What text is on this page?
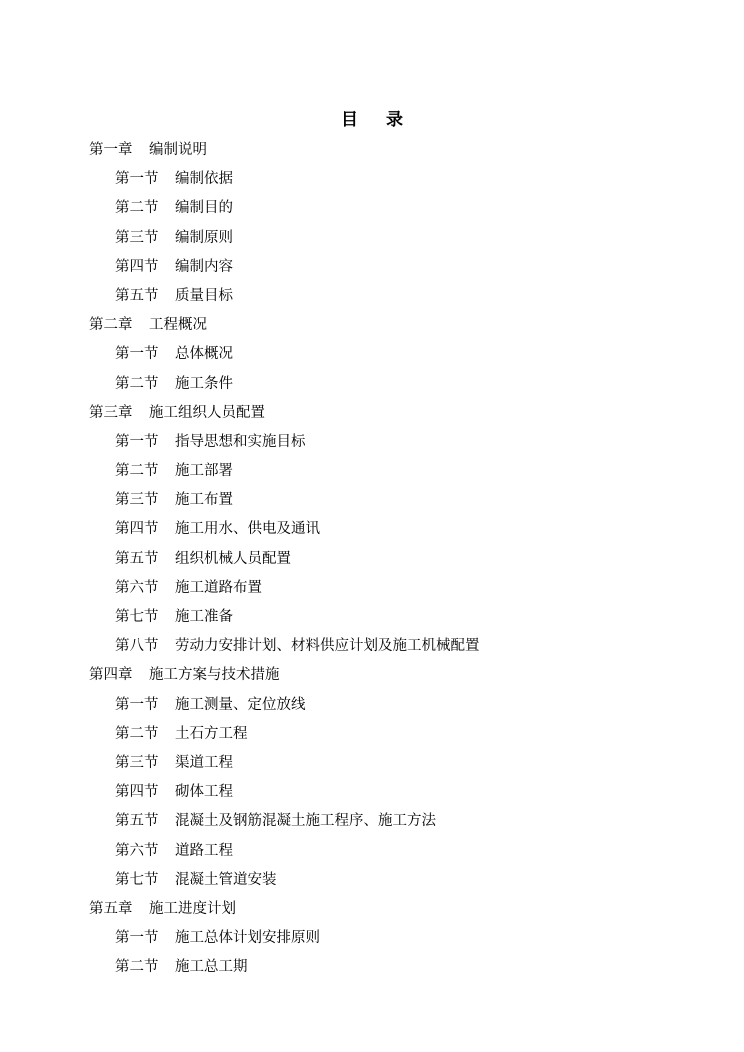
目 录
第一章 编制说明
第一节 编制依据
第二节 编制目的
第三节 编制原则
第四节 编制内容
第五节 质量目标
第二章 工程概况
第一节 总体概况
第二节 施工条件
第三章 施工组织人员配置
第一节 指导思想和实施目标
第二节 施工部署
第三节 施工布置
第四节 施工用水、供电及通讯
第五节 组织机械人员配置
第六节 施工道路布置
第七节 施工准备
第八节 劳动力安排计划、材料供应计划及施工机械配置
第四章 施工方案与技术措施
第一节 施工测量、定位放线
第二节 土石方工程
第三节 渠道工程
第四节 砌体工程
第五节 混凝土及钢筋混凝土施工程序、施工方法
第六节 道路工程
第七节 混凝土管道安装
第五章 施工进度计划
第一节 施工总体计划安排原则
第二节 施工总工期
